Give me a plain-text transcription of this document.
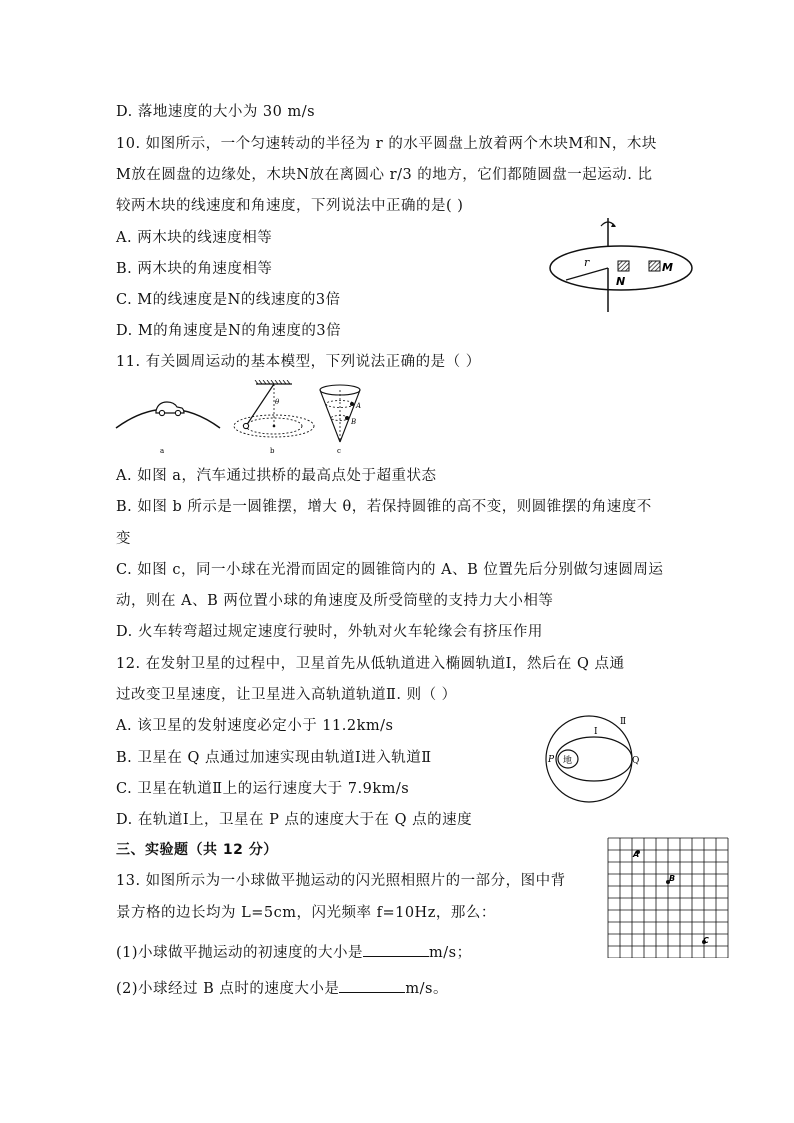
D. 落地速度的大小为 30 m/s
10. 如图所示，一个匀速转动的半径为 r 的水平圆盘上放着两个木块M和N，木块
M放在圆盘的边缘处，木块N放在离圆心 r/3 的地方，它们都随圆盘一起运动. 比
较两木块的线速度和角速度，下列说法中正确的是( )
A. 两木块的线速度相等
B. 两木块的角速度相等
C. M的线速度是N的线速度的3倍
D. M的角速度是N的角速度的3倍
r
N
M
11. 有关圆周运动的基本模型，下列说法正确的是（ ）
a
θ
b
A
B
c
A. 如图 a，汽车通过拱桥的最高点处于超重状态
B. 如图 b 所示是一圆锥摆，增大 θ，若保持圆锥的高不变，则圆锥摆的角速度不
变
C. 如图 c，同一小球在光滑而固定的圆锥筒内的 A、B 位置先后分别做匀速圆周运
动，则在 A、B 两位置小球的角速度及所受筒壁的支持力大小相等
D. 火车转弯超过规定速度行驶时，外轨对火车轮缘会有挤压作用
12. 在发射卫星的过程中，卫星首先从低轨道进入椭圆轨道Ⅰ，然后在 Q 点通
过改变卫星速度，让卫星进入高轨道轨道Ⅱ. 则（ ）
A. 该卫星的发射速度必定小于 11.2km/s
B. 卫星在 Q 点通过加速实现由轨道Ⅰ进入轨道Ⅱ
C. 卫星在轨道Ⅱ上的运行速度大于 7.9km/s
D. 在轨道Ⅰ上，卫星在 P 点的速度大于在 Q 点的速度
地
P	Q
Ⅱ
Ⅰ
三、实验题（共 12 分）
13. 如图所示为一小球做平抛运动的闪光照相照片的一部分，图中背
景方格的边长均为 L=5cm，闪光频率 f=10Hz，那么：
(1)小球做平抛运动的初速度的大小是	m/s；
(2)小球经过 B 点时的速度大小是	m/s。
A
B
C
